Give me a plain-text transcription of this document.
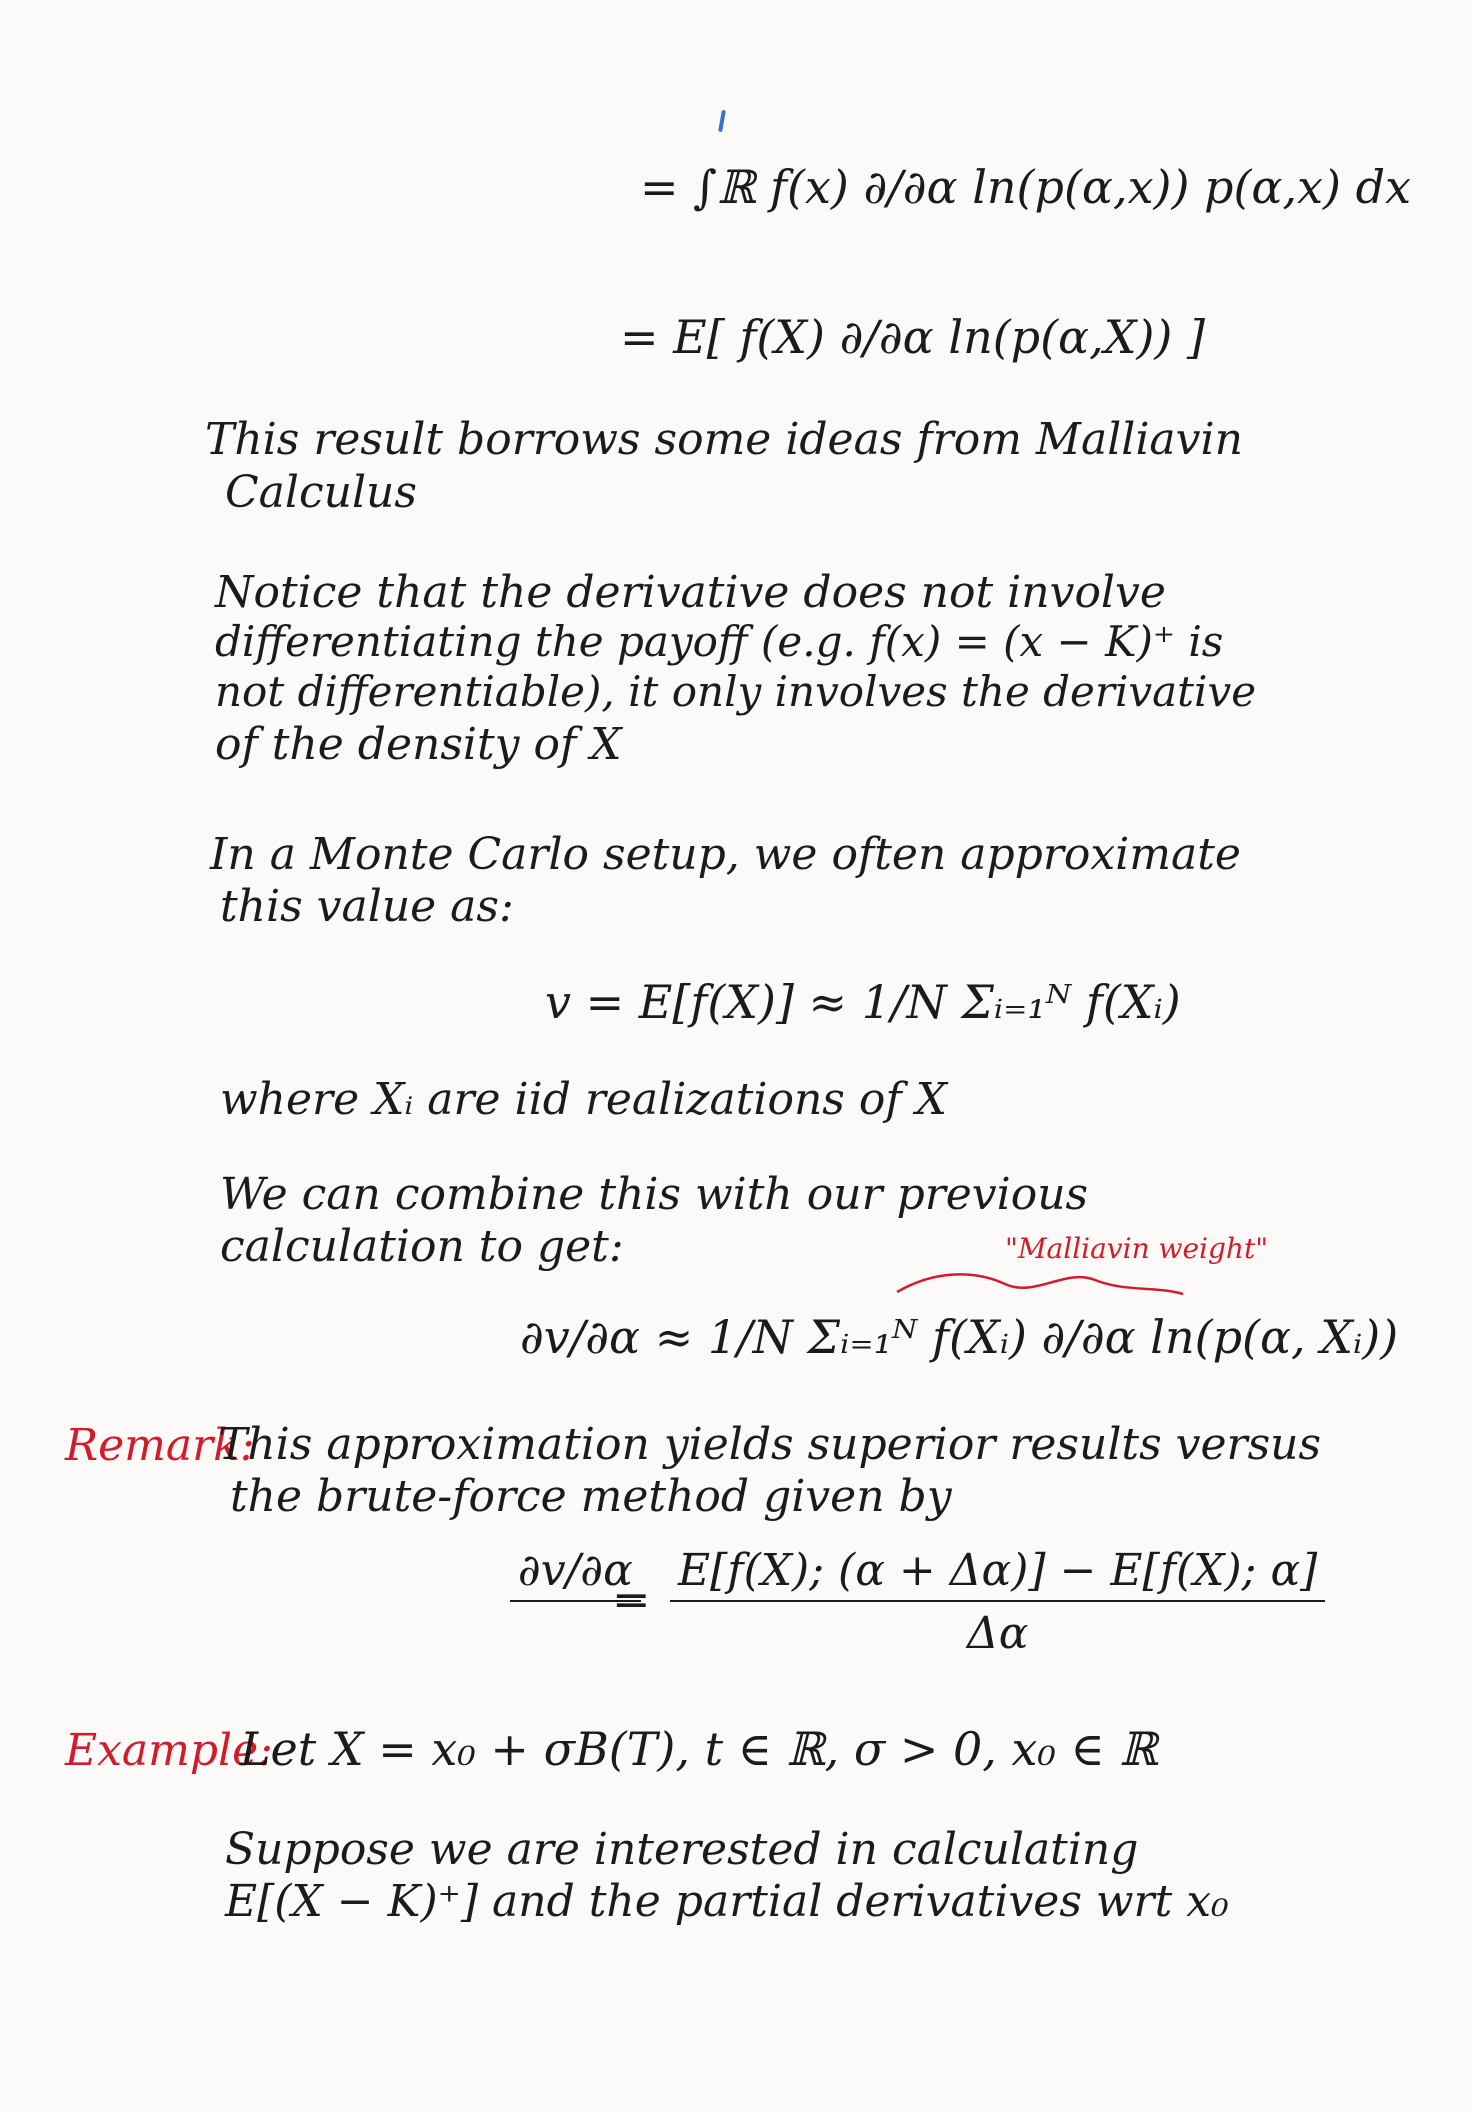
= ∫ℝ f(x) ∂/∂α ln(p(α,x)) p(α,x) dx
= E[ f(X) ∂/∂α ln(p(α,X)) ]
This result borrows some ideas from Malliavin
Calculus
Notice that the derivative does not involve
differentiating the payoff (e.g. f(x) = (x − K)⁺ is
not differentiable), it only involves the derivative
of the density of X
In a Monte Carlo setup, we often approximate
this value as:
v = E[f(X)] ≈ 1/N Σᵢ₌₁ᴺ f(Xᵢ)
where Xᵢ are iid realizations of X
We can combine this with our previous
calculation to get:	"Malliavin weight"
∂v/∂α ≈ 1/N Σᵢ₌₁ᴺ f(Xᵢ) ∂/∂α ln(p(α, Xᵢ))
Remark:
This approximation yields superior results versus
the brute-force method given by
∂v/∂α
= $\frac{E[f(X); (\alpha + \Delta\alpha)] - E[f(X); \alpha]}{\Delta\alpha}$
Example:
Let X = x₀ + σB(T), t ∈ ℝ, σ > 0, x₀ ∈ ℝ
Suppose we are interested in calculating
E[(X − K)⁺] and the partial derivatives wrt x₀
